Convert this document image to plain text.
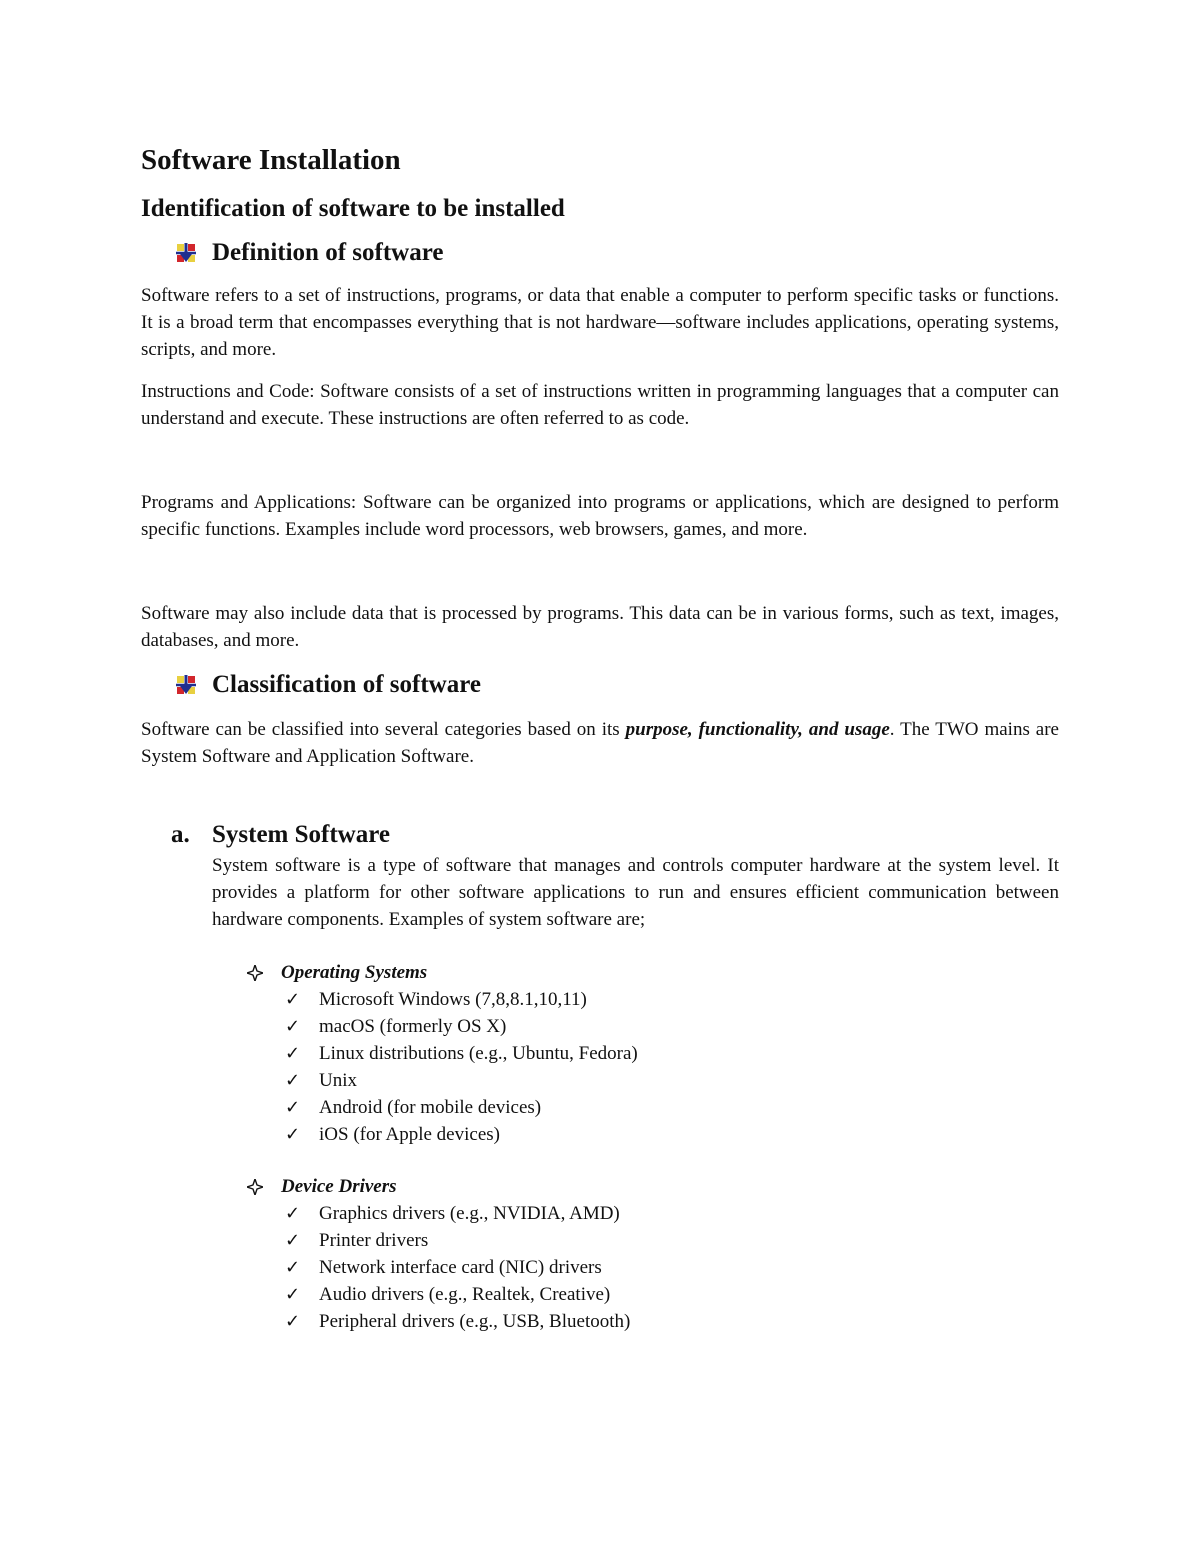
Software Installation
Identification of software to be installed
Definition of software

Software refers to a set of instructions, programs, or data that enable a computer to perform specific tasks or functions. It is a broad term that encompasses everything that is not hardware—software includes applications, operating systems, scripts, and more.

Instructions and Code: Software consists of a set of instructions written in programming languages that a computer can understand and execute. These instructions are often referred to as code.

Programs and Applications: Software can be organized into programs or applications, which are designed to perform specific functions. Examples include word processors, web browsers, games, and more.

Software may also include data that is processed by programs. This data can be in various forms, such as text, images, databases, and more.

Classification of software

Software can be classified into several categories based on its purpose, functionality, and usage. The TWO mains are System Software and Application Software.

a. System Software

System software is a type of software that manages and controls computer hardware at the system level. It provides a platform for other software applications to run and ensures efficient communication between hardware components. Examples of system software are;

Operating Systems
✓ Microsoft Windows (7,8,8.1,10,11)
✓ macOS (formerly OS X)
✓ Linux distributions (e.g., Ubuntu, Fedora)
✓ Unix
✓ Android (for mobile devices)
✓ iOS (for Apple devices)
Device Drivers
✓ Graphics drivers (e.g., NVIDIA, AMD)
✓ Printer drivers
✓ Network interface card (NIC) drivers
✓ Audio drivers (e.g., Realtek, Creative)
✓ Peripheral drivers (e.g., USB, Bluetooth)
